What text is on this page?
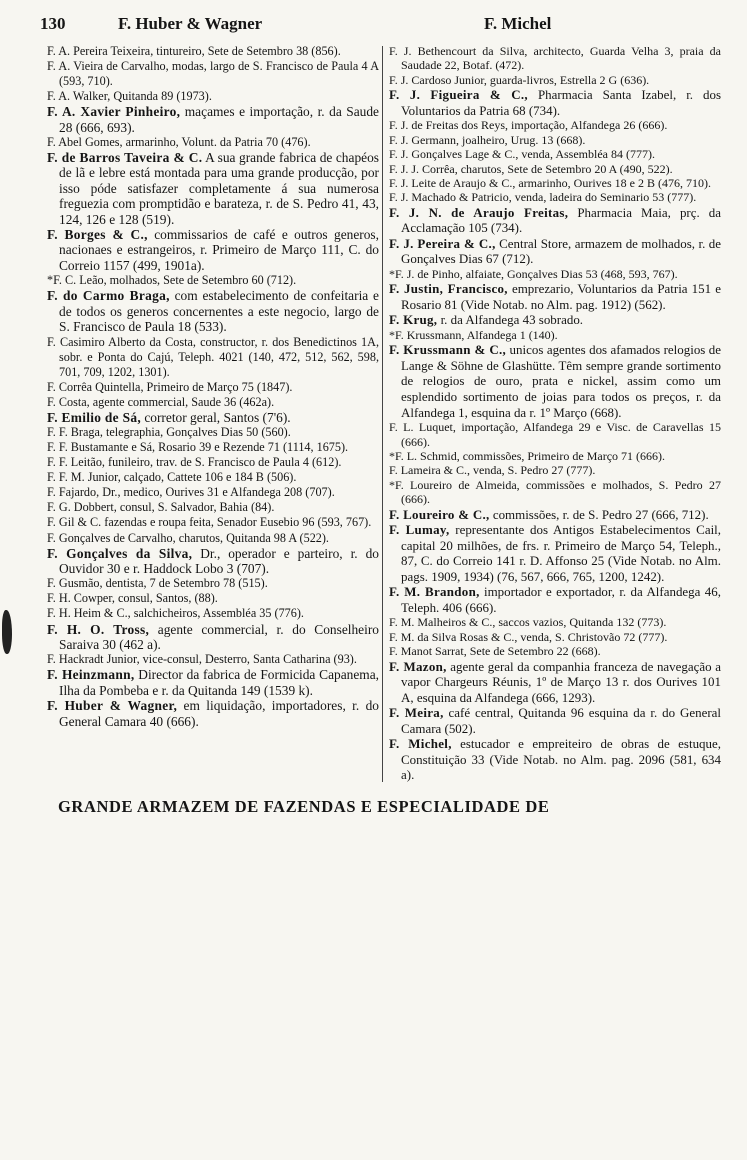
130	F. Huber & Wagner	F. Michel
F. A. Pereira Teixeira, tintureiro, Sete de Setembro 38 (856).
F. A. Vieira de Carvalho, modas, largo de S. Francisco de Paula 4 A (593, 710).
F. A. Walker, Quitanda 89 (1973).
F. A. Xavier Pinheiro, maçames e importação, r. da Saude 28 (666, 693).
F. Abel Gomes, armarinho, Volunt. da Patria 70 (476).
F. de Barros Taveira & C. A sua grande fabrica de chapéos de lã e lebre está montada para uma grande producção, por isso póde satisfazer completamente á sua numerosa freguezia com promptidão e barateza, r. de S. Pedro 41, 43, 124, 126 e 128 (519).
F. Borges & C., commissarios de café e outros generos, nacionaes e estrangeiros, r. Primeiro de Março 111, C. do Correio 1157 (499, 1901a).
*F. C. Leão, molhados, Sete de Setembro 60 (712).
F. do Carmo Braga, com estabelecimento de confeitaria e de todos os generos concernentes a este negocio, largo de S. Francisco de Paula 18 (533).
F. Casimiro Alberto da Costa, constructor, r. dos Benedictinos 1A, sobr. e Ponta do Cajú, Teleph. 4021 (140, 472, 512, 562, 598, 701, 709, 1202, 1301).
F. Corrêa Quintella, Primeiro de Março 75 (1847).
F. Costa, agente commercial, Saude 36 (462a).
F. Emilio de Sá, corretor geral, Santos (7'6).
F. F. Braga, telegraphia, Gonçalves Dias 50 (560).
F. F. Bustamante e Sá, Rosario 39 e Rezende 71 (1114, 1675).
F. F. Leitão, funileiro, trav. de S. Francisco de Paula 4 (612).
F. F. M. Junior, calçado, Cattete 106 e 184 B (506).
F. Fajardo, Dr., medico, Ourives 31 e Alfandega 208 (707).
F. G. Dobbert, consul, S. Salvador, Bahia (84).
F. Gil & C. fazendas e roupa feita, Senador Eusebio 96 (593, 767).
F. Gonçalves de Carvalho, charutos, Quitanda 98 A (522).
F. Gonçalves da Silva, Dr., operador e parteiro, r. do Ouvidor 30 e r. Haddock Lobo 3 (707).
F. Gusmão, dentista, 7 de Setembro 78 (515).
F. H. Cowper, consul, Santos, (88).
F. H. Heim & C., salchicheiros, Assembléa 35 (776).
F. H. O. Tross, agente commercial, r. do Conselheiro Saraiva 30 (462 a).
F. Hackradt Junior, vice-consul, Desterro, Santa Catharina (93).
F. Heinzmann, Director da fabrica de Formicida Capanema, Ilha da Pombeba e r. da Quitanda 149 (1539 k).
F. Huber & Wagner, em liquidação, importadores, r. do General Camara 40 (666).
F. J. Bethencourt da Silva, architecto, Guarda Velha 3, praia da Saudade 22, Botaf. (472).
F. J. Cardoso Junior, guarda-livros, Estrella 2 G (636).
F. J. Figueira & C., Pharmacia Santa Izabel, r. dos Voluntarios da Patria 68 (734).
F. J. de Freitas dos Reys, importação, Alfandega 26 (666).
F. J. Germann, joalheiro, Urug. 13 (668).
F. J. Gonçalves Lage & C., venda, Assembléa 84 (777).
F. J. J. Corrêa, charutos, Sete de Setembro 20 A (490, 522).
F. J. Leite de Araujo & C., armarinho, Ourives 18 e 2 B (476, 710).
F. J. Machado & Patricio, venda, ladeira do Seminario 53 (777).
F. J. N. de Araujo Freitas, Pharmacia Maia, prç. da Acclamação 105 (734).
F. J. Pereira & C., Central Store, armazem de molhados, r. de Gonçalves Dias 67 (712).
*F. J. de Pinho, alfaiate, Gonçalves Dias 53 (468, 593, 767).
F. Justin, Francisco, emprezario, Voluntarios da Patria 151 e Rosario 81 (Vide Notab. no Alm. pag. 1912) (562).
F. Krug, r. da Alfandega 43 sobrado.
*F. Krussmann, Alfandega 1 (140).
F. Krussmann & C., unicos agentes dos afamados relogios de Lange & Söhne de Glashütte. Têm sempre grande sortimento de relogios de ouro, prata e nickel, assim como um esplendido sortimento de joias para todos os preços, r. da Alfandega 1, esquina da r. 1º Março (668).
F. L. Luquet, importação, Alfandega 29 e Visc. de Caravellas 15 (666).
*F. L. Schmid, commissões, Primeiro de Março 71 (666).
F. Lameira & C., venda, S. Pedro 27 (777).
*F. Loureiro de Almeida, commissões e molhados, S. Pedro 27 (666).
F. Loureiro & C., commissões, r. de S. Pedro 27 (666, 712).
F. Lumay, representante dos Antigos Estabelecimentos Cail, capital 20 milhões, de frs. r. Primeiro de Março 54, Teleph., 87, C. do Correio 141 r. D. Affonso 25 (Vide Notab. no Alm. pags. 1909, 1934) (76, 567, 666, 765, 1200, 1242).
F. M. Brandon, importador e exportador, r. da Alfandega 46, Teleph. 406 (666).
F. M. Malheiros & C., saccos vazios, Quitanda 132 (773).
F. M. da Silva Rosas & C., venda, S. Christovão 72 (777).
F. Manot Sarrat, Sete de Setembro 22 (668).
F. Mazon, agente geral da companhia franceza de navegação a vapor Chargeurs Réunis, 1º de Março 13 r. dos Ourives 101 A, esquina da Alfandega (666, 1293).
F. Meira, café central, Quitanda 96 esquina da r. do General Camara (502).
F. Michel, estucador e empreiteiro de obras de estuque, Constituição 33 (Vide Notab. no Alm. pag. 2096 (581, 634 a).
GRANDE ARMAZEM DE FAZENDAS E ESPECIALIDADE DE
